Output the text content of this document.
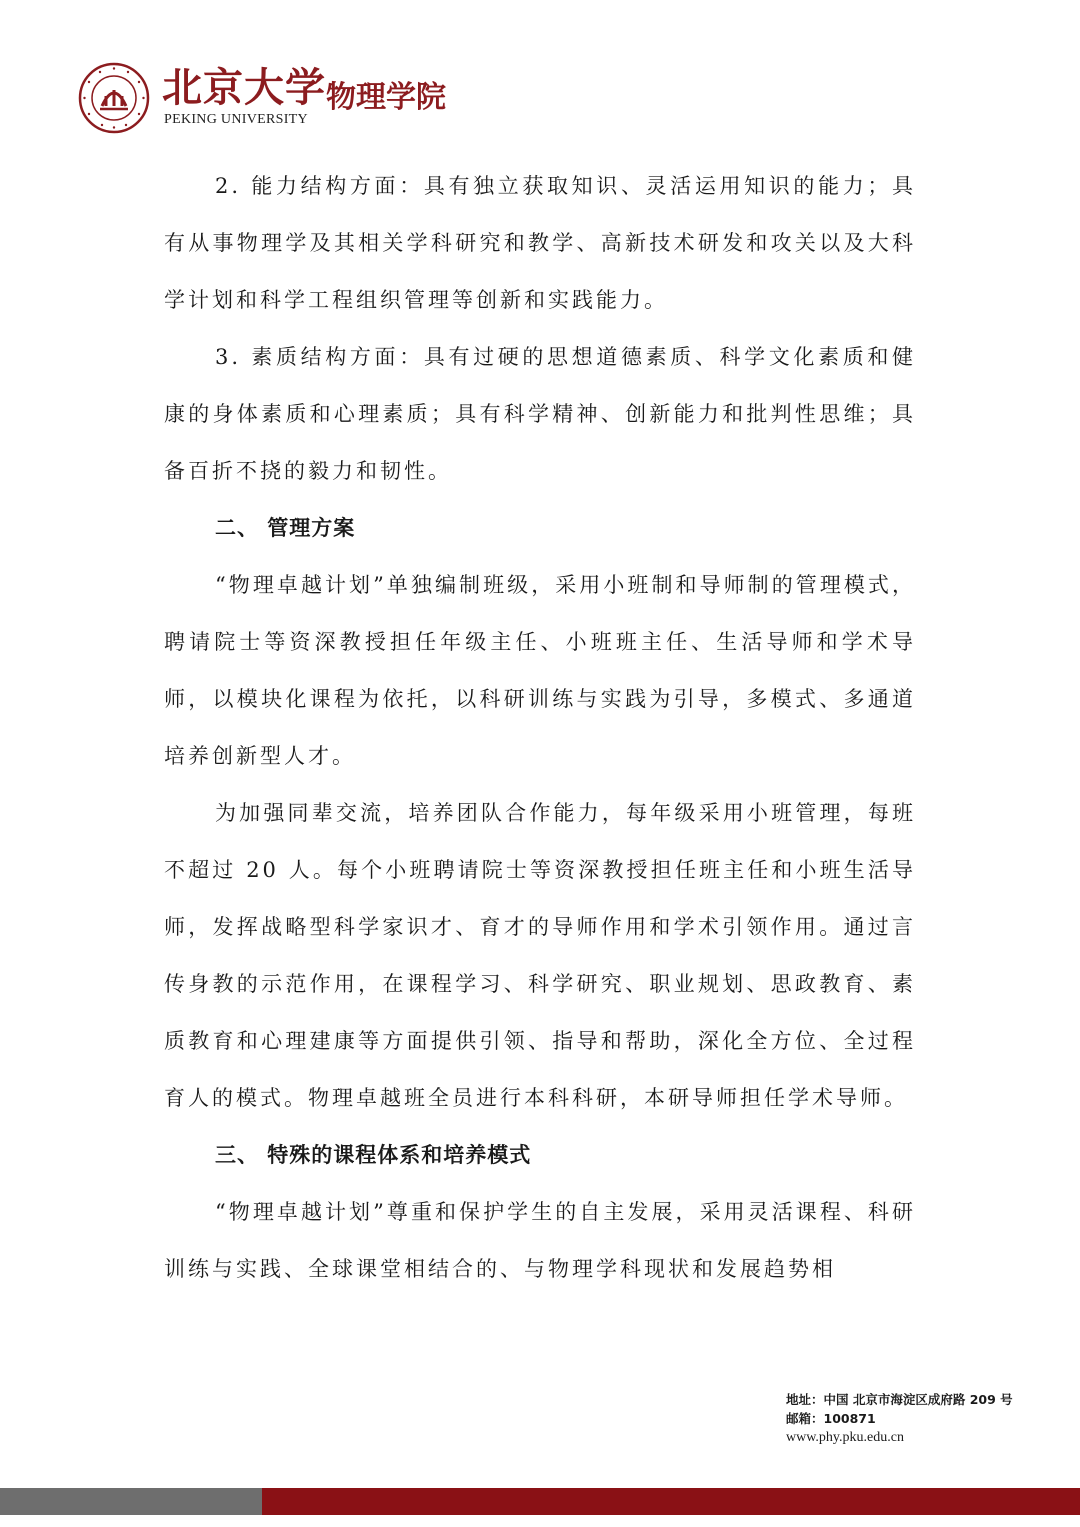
北京大学
PEKING UNIVERSITY
物理学院

2. 能力结构方面：具有独立获取知识、灵活运用知识的能力；具有从事物理学及其相关学科研究和教学、高新技术研发和攻关以及大科学计划和科学工程组织管理等创新和实践能力。

3. 素质结构方面：具有过硬的思想道德素质、科学文化素质和健康的身体素质和心理素质；具有科学精神、创新能力和批判性思维；具备百折不挠的毅力和韧性。

二、 管理方案

“物理卓越计划”单独编制班级，采用小班制和导师制的管理模式，聘请院士等资深教授担任年级主任、小班班主任、生活导师和学术导师，以模块化课程为依托，以科研训练与实践为引导，多模式、多通道培养创新型人才。

为加强同辈交流，培养团队合作能力，每年级采用小班管理，每班不超过 20 人。每个小班聘请院士等资深教授担任班主任和小班生活导师，发挥战略型科学家识才、育才的导师作用和学术引领作用。通过言传身教的示范作用，在课程学习、科学研究、职业规划、思政教育、素质教育和心理建康等方面提供引领、指导和帮助，深化全方位、全过程育人的模式。物理卓越班全员进行本科科研，本研导师担任学术导师。

三、 特殊的课程体系和培养模式

“物理卓越计划”尊重和保护学生的自主发展，采用灵活课程、科研训练与实践、全球课堂相结合的、与物理学科现状和发展趋势相

地址：中国 北京市海淀区成府路 209 号
邮箱：100871
www.phy.pku.edu.cn
